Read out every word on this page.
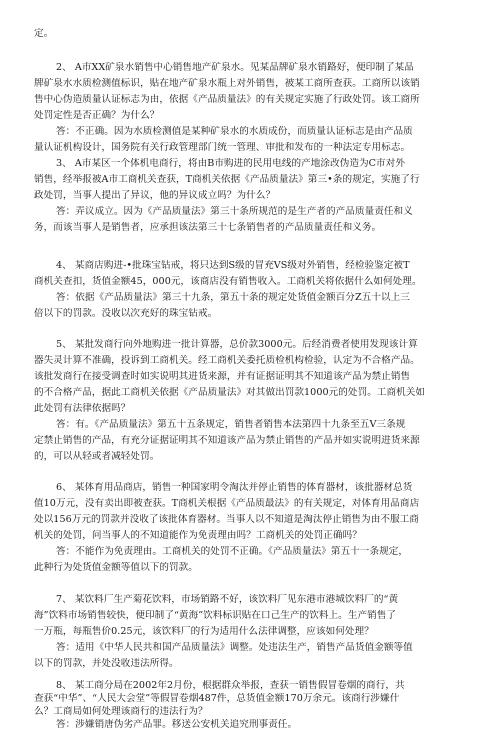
定。
2、 A市XX矿泉水销售中心销售地产矿泉水。见某品牌矿泉水销路好，便印制了某品
牌矿泉水水质检测值标识，贴在地产矿泉水瓶上对外销售，被某工商所查获。工商所以该销
售中心伪造质量认证标志为由，依据《产品质量法》的有关规定实施了行政处罚。该工商所
处罚定性是否正确？为什么？
答：不正确。因为水质检测值是某种矿泉水的水质成份，而质量认证标志是由产品质
量认证机构设计，国务院有关行政管理部门统一管理、审批和发布的一种法定专用标志。
3、 A市某区一个体机电商行，将由B市购进的民用电线的产地涂改伪造为C市对外
销售，经举报被A市工商机关查获，T商机关依据《产品质量法》第三•条的规定，实施了行
政处罚，当事人提出了异议，他的异议成立吗？为什么？
答：弄议成立。因为《产品质量法》第三十条所规范的是生产者的产品质量责任和义
务，而该当事人是销售者，应承担该法第三十七条销售者的产品质量责任和义务。
4、 某商店购进-•批珠宝钻戒，将只达到S级的冒充VS级对外销售，经检验鉴定被T
商机关查扣，货值金额45，000元，该商店没有销售收入。工商机关将依据什么如何处理。
答：依据《产品质量法》第三十九条，第五十条的规定处货值金额百分Z五十以上三
倍以下的罚款。没收以次充好的珠宝钻戒。
5、 某批发商行向外地购进一批计算器，总价款3000元。后经消费者使用发现该计算
器失灵计算不准确，投诉到工商机关。经工商机关委托质检机构检验，认定为不合格产品。
该批发商行在接受调查时如实说明其进货来源，并有证据证明其不知道该产品为禁止销售
的不合格产品，据此工商机关依据《产品质量法》对其做出罚款1000元的处罚。工商机关如
此处罚有法律依据吗？
答：有。《产品质量法》第五十五条规定，销售者销售本法第四十九条至五V三条规
定禁止销售的产品，有充分证据证明其不知道该产品为禁止销售的产品并如实说明进货来源
的，可以从轻或者减轻处罚。
6、 某体育用品商店，销售一种国家明令淘汰并停止销售的体育器材，该批器材总货
值10万元，没有卖出即被查获。T商机关根据《产品质最法》的有关规定，对体育用品商店
处以156万元的罚款并没收了该批体育器材。当事人以不知道是淘汰停止销售为由不服工商
机关的处罚，问当事人的不知道能作为免责理由吗？工商机关的处罚正确吗？
答：不能作为免责理由。工商机关的处罚不正确。《产品质量法》第五十一条规定，
此种行为处货值金额等值以下的罚款。
7、 某饮料厂生产菊花饮料，市场销路不好，该饮料厂见东港市港城饮料厂的“黄
海”饮料市场销售较快，便印制了“黄海”饮料标识贴在口己生产的饮料上。生产销售了
一万瓶，每瓶售价0.25元，该饮料厂的行为适用什么法律调整，应该如何处理？
答：适用《中华人民共和国产品质量法》调整。处违法生产，销售产品货值金额等值
以下的罚款，并处没收违法所得。
8、 某工商分局在2002年2月份，根据群众举报，查获一销售假冒卷烟的商行，共
查获“中华”、“人民大会堂”等假冒卷烟487件，总货值金额170万余元。该商行涉嫌什
么？工商局如何处理该商行的违法行为？
答：涉嫌销唐伪劣产品罪。移送公安机关追究刑事责任。
